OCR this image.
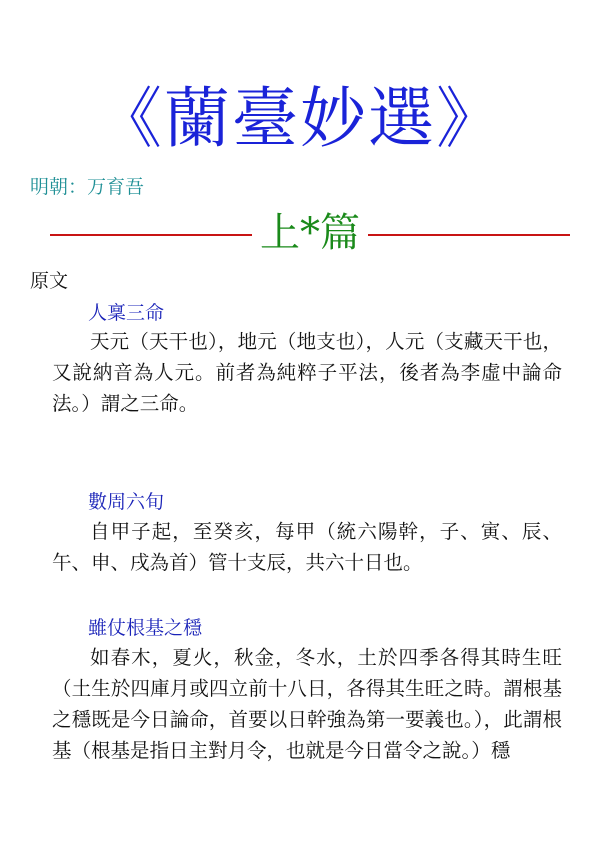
《蘭臺妙選》
明朝：万育吾
上*篇
原文
人稟三命

天元（天干也），地元（地支也），人元（支藏天干也，又說納音為人元。前者為純粹子平法，後者為李虛中論命法。）謂之三命。

數周六旬

自甲子起，至癸亥，每甲（統六陽幹，子、寅、辰、午、申、戌為首）管十支辰，共六十日也。

雖仗根基之穩

如春木，夏火，秋金，冬水，土於四季各得其時生旺（土生於四庫月或四立前十八日，各得其生旺之時。謂根基之穩既是今日論命，首要以日幹強為第一要義也。），此謂根基（根基是指日主對月令，也就是今日當令之說。）穩
